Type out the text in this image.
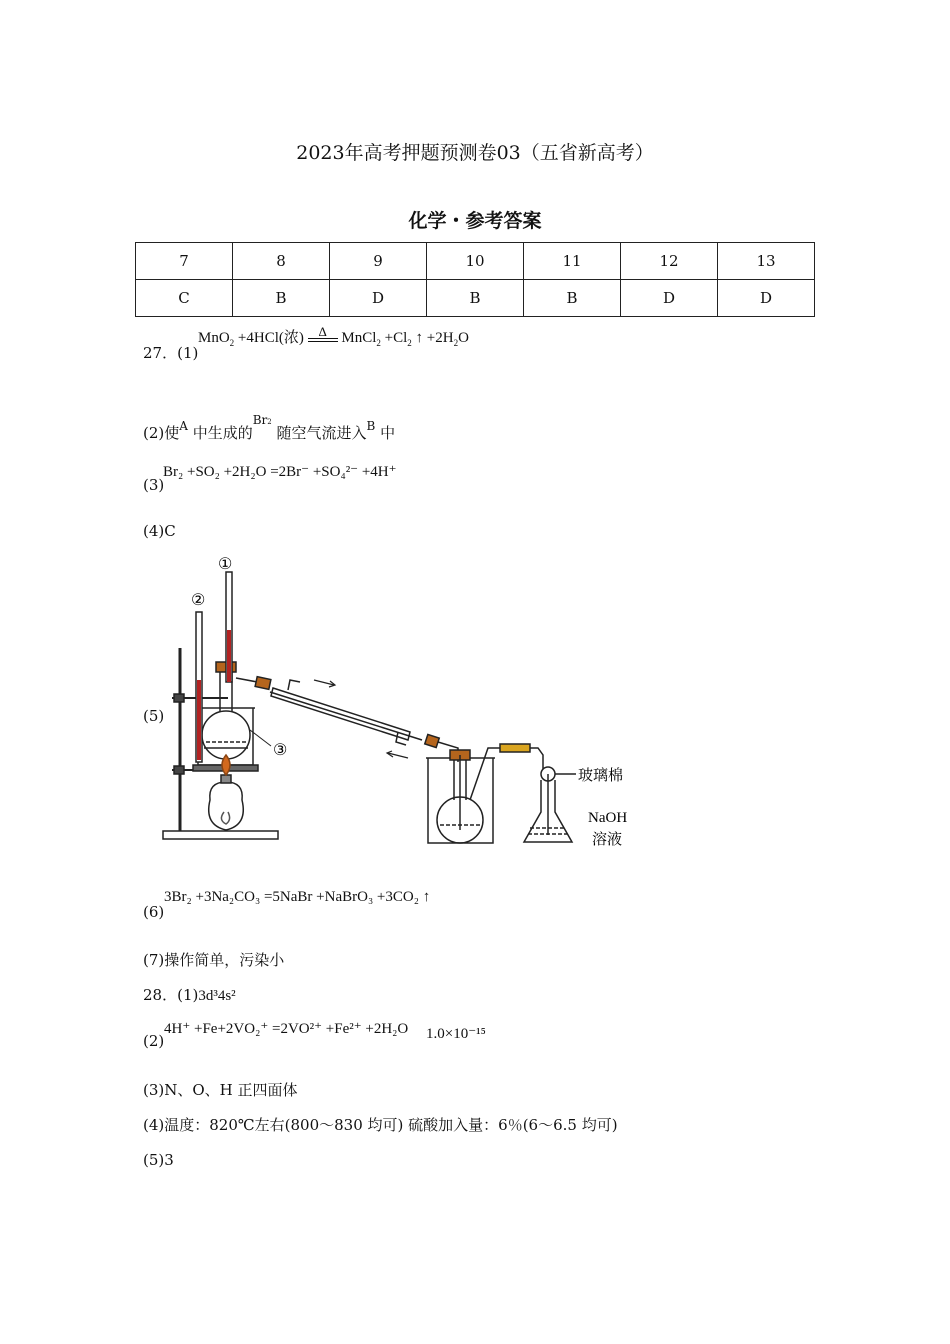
2023年高考押题预测卷03（五省新高考）
化学・参考答案
7	8	9	10	11	12	13
C	B	D	B	B	D	D
27．(1)
MnO$_2$ +4HCl(浓)	Δ MnCl$_2$ $+Cl_2$ ↑ $+2H_2O$
(2)使$^A$ 中生成的$^{Br}_2$ 随空气流进入$^B$ 中
(3)
Br₂ +SO₂ +2H₂O =2Br⁻ +SO₄²⁻ +4H⁺
(4)C
(5)
①
②
③
玻璃棉
NaOH
溶液
(6)
3Br₂ +3Na₂CO₃ =5NaBr +NaBrO₃ +3CO₂ ↑
(7)操作简单，污染小
28．(1)3d³4s²
(2)
4H⁺ +Fe+2VO₂⁺ =2VO²⁺ +Fe²⁺ +2H₂O 1.0×10⁻¹⁵
(3)N、O、H 正四面体
(4)温度：820℃左右(800～830 均可) 硫酸加入量：6％(6～6.5 均可)
(5)3
